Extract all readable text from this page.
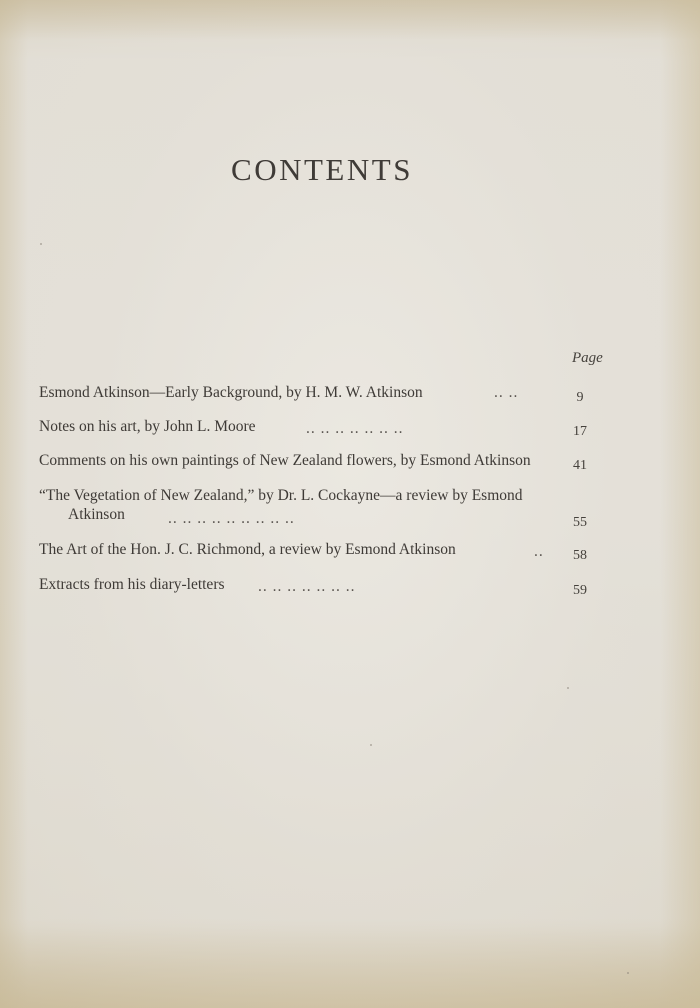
CONTENTS
Page
Esmond Atkinson—Early Background, by H. M. W. Atkinson	.. ..	9
Notes on his art, by John L. Moore	.. .. .. .. .. .. ..	17
Comments on his own paintings of New Zealand flowers, by Esmond Atkinson	41
“The Vegetation of New Zealand,” by Dr. L. Cockayne—a review by Esmond
Atkinson	.. .. .. .. .. .. .. .. ..	55
The Art of the Hon. J. C. Richmond, a review by Esmond Atkinson	..	58
Extracts from his diary-letters .. .. .. .. .. .. ..	59
